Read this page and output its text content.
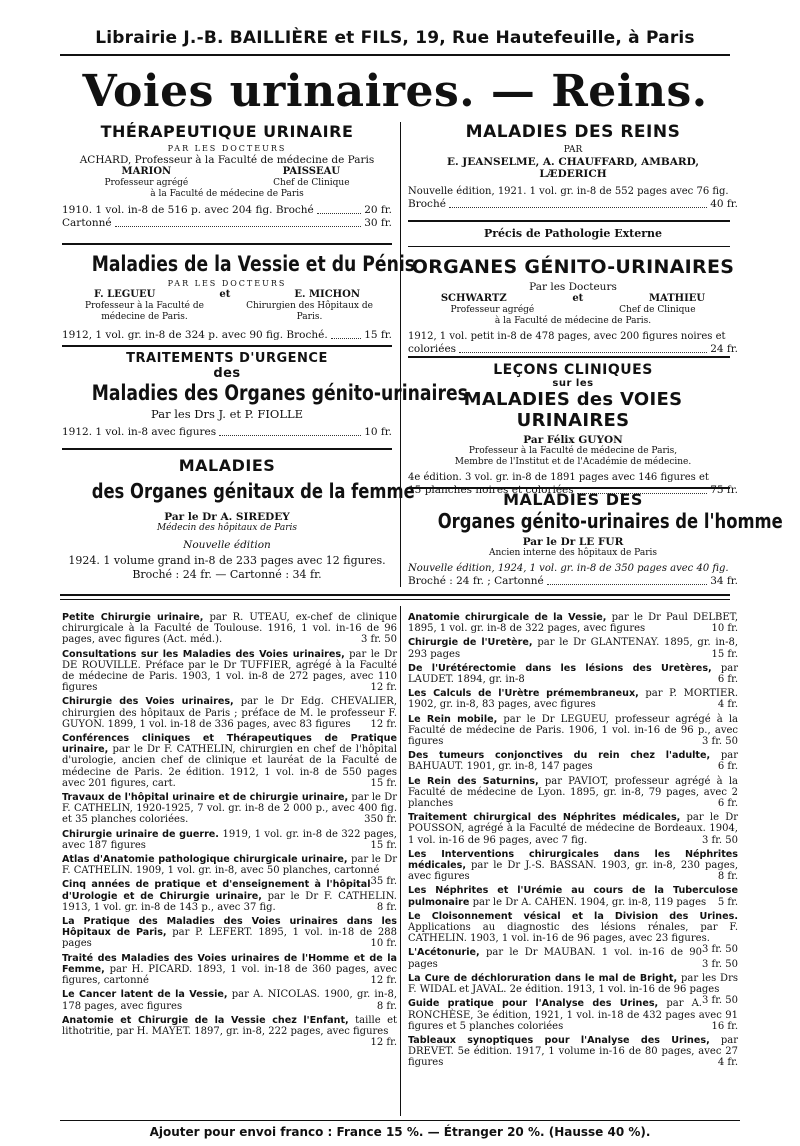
Librairie J.-B. BAILLIÈRE et FILS, 19, Rue Hautefeuille, à Paris
Voies urinaires. — Reins.
THÉRAPEUTIQUE URINAIRE
PAR LES DOCTEURS
ACHARD, Professeur à la Faculté de médecine de Paris
MARION
Professeur agrégé
PAISSEAU
Chef de Clinique
à la Faculté de médecine de Paris
1910. 1 vol. in-8 de 516 p. avec 204 fig. Broché	20 fr.
Cartonné	30 fr.
Maladies de la Vessie et du Pénis
PAR LES DOCTEURS
F. LEGUEU	et	E. MICHON
Professeur à la Faculté de médecine de Paris.
Chirurgien des Hôpitaux de Paris.
1912, 1 vol. gr. in-8 de 324 p. avec 90 fig. Broché.	15 fr.
TRAITEMENTS D'URGENCE
des
Maladies des Organes génito-urinaires
Par les Drs J. et P. FIOLLE
1912. 1 vol. in-8 avec figures	10 fr.
MALADIES
des Organes génitaux de la femme
Par le Dr A. SIREDEY
Médecin des hôpitaux de Paris
Nouvelle édition
1924. 1 volume grand in-8 de 233 pages avec 12 figures.
Broché : 24 fr. — Cartonné : 34 fr.
MALADIES DES REINS
PAR
E. JEANSELME, A. CHAUFFARD, AMBARD,
LÆDERICH
Nouvelle édition, 1921. 1 vol. gr. in-8 de 552 pages avec 76 fig.
Broché	40 fr.
Précis de Pathologie Externe
ORGANES GÉNITO-URINAIRES
Par les Docteurs
SCHWARTZ	et	MATHIEU
Professeur agrégé	Chef de Clinique
à la Faculté de médecine de Paris.
1912, 1 vol. petit in-8 de 478 pages, avec 200 figures noires et
coloriées	24 fr.
LEÇONS CLINIQUES
sur les
MALADIES des VOIES URINAIRES
Par Félix GUYON
Professeur à la Faculté de médecine de Paris,
Membre de l'Institut et de l'Académie de médecine.
4e édition. 3 vol. gr. in-8 de 1891 pages avec 146 figures et
15 planches noires et coloriées	75 fr.
MALADIES DES
Organes génito-urinaires de l'homme
Par le Dr LE FUR
Ancien interne des hôpitaux de Paris
Nouvelle édition, 1924, 1 vol. gr. in-8 de 350 pages avec 40 fig.
Broché : 24 fr. ; Cartonné	34 fr.
Petite Chirurgie urinaire, par R. UTEAU, ex-chef de clinique chirurgicale à la Faculté de Toulouse. 1916, 1 vol. in-16 de 96 pages, avec figures (Act. méd.).	3 fr. 50
Consultations sur les Maladies des Voies urinaires, par le Dr DE ROUVILLE. Préface par le Dr TUFFIER, agrégé à la Faculté de médecine de Paris. 1903, 1 vol. in-8 de 272 pages, avec 110 figures	12 fr.
Chirurgie des Voies urinaires, par le Dr Edg. CHEVALIER, chirurgien des hôpitaux de Paris ; préface de M. le professeur F. GUYON. 1899, 1 vol. in-18 de 336 pages, avec 83 figures 12 fr.
Conférences cliniques et Thérapeutiques de Pratique urinaire, par le Dr F. CATHELIN, chirurgien en chef de l'hôpital d'urologie, ancien chef de clinique et lauréat de la Faculté de médecine de Paris. 2e édition. 1912, 1 vol. in-8 de 550 pages avec 201 figures, cart.	15 fr.
Travaux de l'hôpital urinaire et de chirurgie urinaire, par le Dr F. CATHELIN, 1920-1925, 7 vol. gr. in-8 de 2 000 p., avec 400 fig. et 35 planches coloriées.	350 fr.
Chirurgie urinaire de guerre. 1919, 1 vol. gr. in-8 de 322 pages, avec 187 figures	15 fr.
Atlas d'Anatomie pathologique chirurgicale urinaire, par le Dr F. CATHELIN. 1909, 1 vol. gr. in-8, avec 50 planches, cartonné
35 fr.
Cinq années de pratique et d'enseignement à l'hôpital d'Urologie et de Chirurgie urinaire, par le Dr F. CATHELIN. 1913, 1 vol. gr. in-8 de 143 p., avec 37 fig.	8 fr.
La Pratique des Maladies des Voies urinaires dans les Hôpitaux de Paris, par P. LEFERT. 1895, 1 vol. in-18 de 288 pages	10 fr.
Traité des Maladies des Voies urinaires de l'Homme et de la Femme, par H. PICARD. 1893, 1 vol. in-18 de 360 pages, avec figures, cartonné	12 fr.
Le Cancer latent de la Vessie, par A. NICOLAS. 1900, gr. in-8, 178 pages, avec figures	8 fr.
Anatomie et Chirurgie de la Vessie chez l'Enfant, taille et lithotritie, par H. MAYET. 1897, gr. in-8, 222 pages, avec figures
12 fr.
Anatomie chirurgicale de la Vessie, par le Dr Paul DELBET, 1895, 1 vol. gr. in-8 de 322 pages, avec figures	10 fr.
Chirurgie de l'Uretère, par le Dr GLANTENAY. 1895, gr. in-8, 293 pages	15 fr.
De l'Urétérectomie dans les lésions des Uretères, par LAUDET. 1894, gr. in-8	6 fr.
Les Calculs de l'Urètre prémembraneux, par P. MORTIER. 1902, gr. in-8, 83 pages, avec figures	4 fr.
Le Rein mobile, par le Dr LEGUEU, professeur agrégé à la Faculté de médecine de Paris. 1906, 1 vol. in-16 de 96 p., avec figures	3 fr. 50
Des tumeurs conjonctives du rein chez l'adulte, par BAHUAUT. 1901, gr. in-8, 147 pages	6 fr.
Le Rein des Saturnins, par PAVIOT, professeur agrégé à la Faculté de médecine de Lyon. 1895, gr. in-8, 79 pages, avec 2 planches	6 fr.
Traitement chirurgical des Néphrites médicales, par le Dr POUSSON, agrégé à la Faculté de médecine de Bordeaux. 1904, 1 vol. in-16 de 96 pages, avec 7 fig.	3 fr. 50
Les Interventions chirurgicales dans les Néphrites médicales, par le Dr J.-S. BASSAN. 1903, gr. in-8, 230 pages, avec figures	8 fr.
Les Néphrites et l'Urémie au cours de la Tuberculose pulmonaire par le Dr A. CAHEN. 1904, gr. in-8, 119 pages 5 fr.
Le Cloisonnement vésical et la Division des Urines. Applications au diagnostic des lésions rénales, par F. CATHELIN. 1903, 1 vol. in-16 de 96 pages, avec 23 figures.
3 fr. 50
L'Acétonurie, par le Dr MAUBAN. 1 vol. in-16 de 90 pages	3 fr. 50
La Cure de déchloruration dans le mal de Bright, par les Drs F. WIDAL et JAVAL. 2e édition. 1913, 1 vol. in-16 de 96 pages
3 fr. 50
Guide pratique pour l'Analyse des Urines, par A. RONCHÈSE, 3e édition, 1921, 1 vol. in-18 de 432 pages avec 91 figures et 5 planches coloriées	16 fr.
Tableaux synoptiques pour l'Analyse des Urines, par DREVET. 5e édition. 1917, 1 volume in-16 de 80 pages, avec 27 figures	4 fr.
Ajouter pour envoi franco : France 15 %. — Étranger 20 %. (Hausse 40 %).
